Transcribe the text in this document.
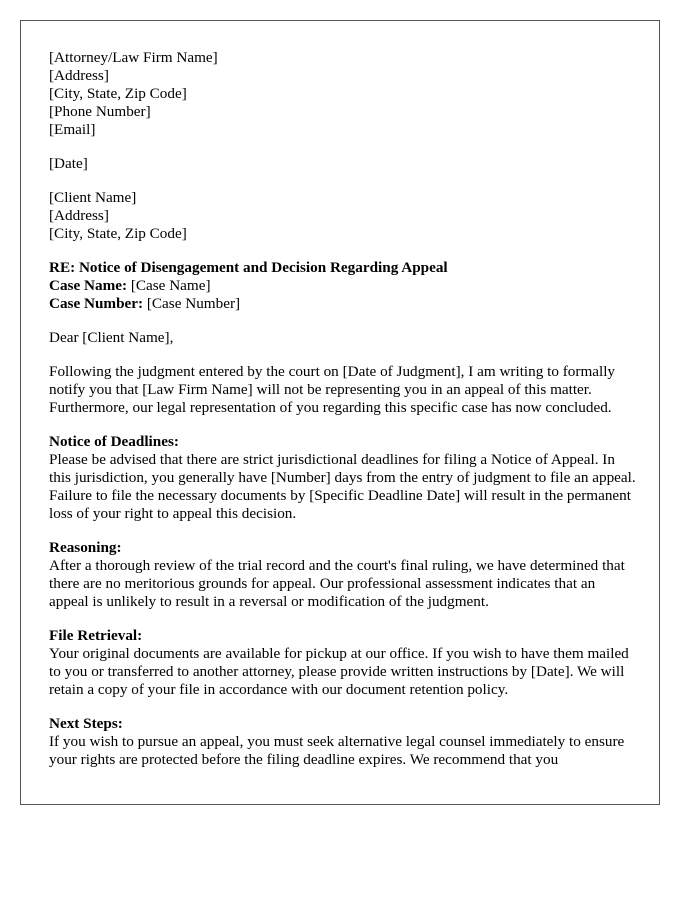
[Attorney/Law Firm Name]
[Address]
[City, State, Zip Code]
[Phone Number]
[Email]
[Date]
[Client Name]
[Address]
[City, State, Zip Code]
RE: Notice of Disengagement and Decision Regarding Appeal
Case Name: [Case Name]
Case Number: [Case Number]
Dear [Client Name],

Following the judgment entered by the court on [Date of Judgment], I am writing to formally notify you that [Law Firm Name] will not be representing you in an appeal of this matter. Furthermore, our legal representation of you regarding this specific case has now concluded.

Notice of Deadlines:
Please be advised that there are strict jurisdictional deadlines for filing a Notice of Appeal. In this jurisdiction, you generally have [Number] days from the entry of judgment to file an appeal. Failure to file the necessary documents by [Specific Deadline Date] will result in the permanent loss of your right to appeal this decision.
Reasoning:
After a thorough review of the trial record and the court's final ruling, we have determined that there are no meritorious grounds for appeal. Our professional assessment indicates that an appeal is unlikely to result in a reversal or modification of the judgment.
File Retrieval:
Your original documents are available for pickup at our office. If you wish to have them mailed to you or transferred to another attorney, please provide written instructions by [Date]. We will retain a copy of your file in accordance with our document retention policy.
Next Steps:
If you wish to pursue an appeal, you must seek alternative legal counsel immediately to ensure your rights are protected before the filing deadline expires. We recommend that you
